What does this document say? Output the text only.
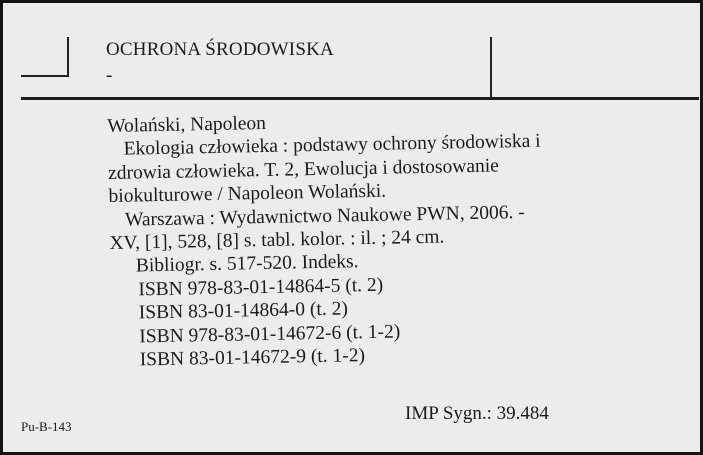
OCHRONA ŚRODOWISKA
-
Wolański, Napoleon
Ekologia człowieka : podstawy ochrony środowiska i
zdrowia człowieka. T. 2, Ewolucja i dostosowanie
biokulturowe / Napoleon Wolański.
Warszawa : Wydawnictwo Naukowe PWN, 2006. -
XV, [1], 528, [8] s. tabl. kolor. : il. ; 24 cm.
Bibliogr. s. 517-520. Indeks.
ISBN 978-83-01-14864-5 (t. 2)
ISBN 83-01-14864-0 (t. 2)
ISBN 978-83-01-14672-6 (t. 1-2)
ISBN 83-01-14672-9 (t. 1-2)
IMP Sygn.: 39.484
Pu-B-143
